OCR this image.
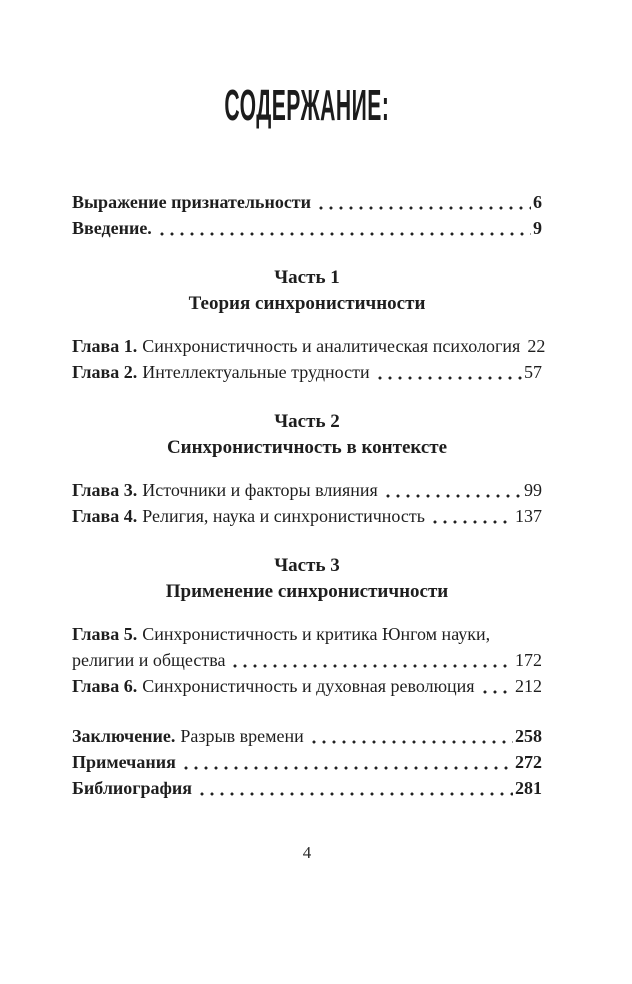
СОДЕРЖАНИЕ:
Выражение признательности	6
Введение.	9
Часть 1
Теория синхронистичности
Глава 1. Синхронистичность и аналитическая психология 22
Глава 2. Интеллектуальные трудности	57
Часть 2
Синхронистичность в контексте
Глава 3. Источники и факторы влияния	99
Глава 4. Религия, наука и синхронистичность	137
Часть 3
Применение синхронистичности
Глава 5. Синхронистичность и критика Юнгом науки,
религии и общества	172
Глава 6. Синхронистичность и духовная революция 212
Заключение. Разрыв времени	258
Примечания	272
Библиография	281
4
